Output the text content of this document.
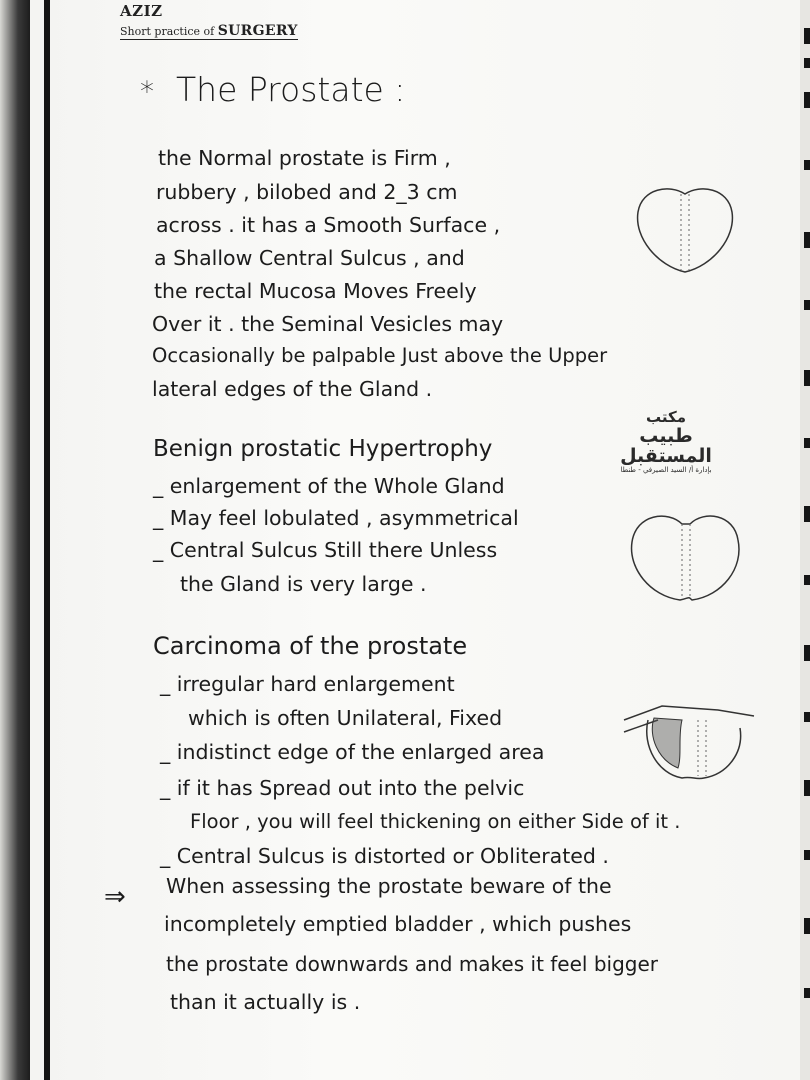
AZIZ
Short practice of SURGERY
* The Prostate :
the Normal prostate is Firm ,
rubbery , bilobed and 2_3 cm
across . it has a Smooth Surface ,
a Shallow Central Sulcus , and
the rectal Mucosa Moves Freely
Over it . the Seminal Vesicles may
Occasionally be palpable Just above the Upper
lateral edges of the Gland .
Benign prostatic Hypertrophy
_ enlargement of the Whole Gland
_ May feel lobulated , asymmetrical
_ Central Sulcus Still there Unless
the Gland is very large .
مكتب
طبيب المستقبل
بإدارة أ/ السيد الصيرفي - طنطا
Carcinoma of the prostate
_ irregular hard enlargement
which is often Unilateral, Fixed
_ indistinct edge of the enlarged area
_ if it has Spread out into the pelvic
Floor , you will feel thickening on either Side of it .
_ Central Sulcus is distorted or Obliterated .
⇒ When assessing the prostate beware of the
incompletely emptied bladder , which pushes
the prostate downwards and makes it feel bigger
than it actually is .
